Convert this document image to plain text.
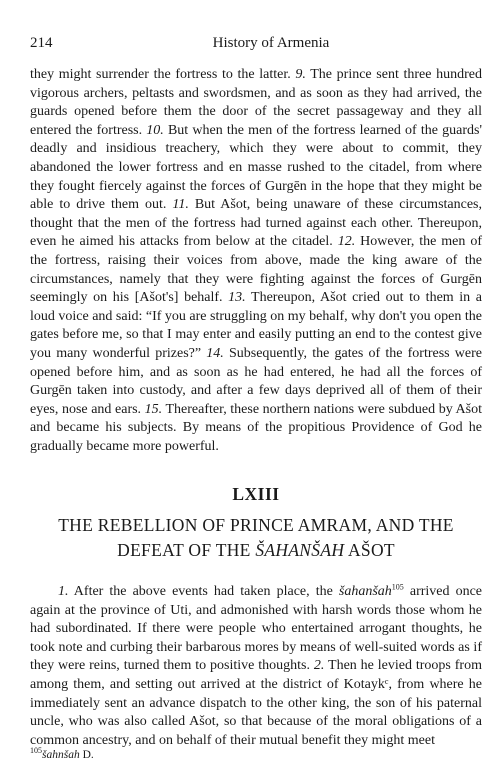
214	History of Armenia
they might surrender the fortress to the latter. 9. The prince sent three hundred vigorous archers, peltasts and swordsmen, and as soon as they had arrived, the guards opened before them the door of the secret passageway and they all entered the fortress. 10. But when the men of the fortress learned of the guards' deadly and insidious treachery, which they were about to commit, they abandoned the lower fortress and en masse rushed to the citadel, from where they fought fiercely against the forces of Gurgēn in the hope that they might be able to drive them out. 11. But Ašot, being unaware of these circumstances, thought that the men of the fortress had turned against each other. Thereupon, even he aimed his attacks from below at the citadel. 12. However, the men of the fortress, raising their voices from above, made the king aware of the circumstances, namely that they were fighting against the forces of Gurgēn seemingly on his [Ašot's] behalf. 13. Thereupon, Ašot cried out to them in a loud voice and said: “If you are struggling on my behalf, why don't you open the gates before me, so that I may enter and easily putting an end to the contest give you many wonderful prizes?” 14. Subsequently, the gates of the fortress were opened before him, and as soon as he had entered, he had all the forces of Gurgēn taken into custody, and after a few days deprived all of them of their eyes, nose and ears. 15. Thereafter, these northern nations were subdued by Ašot and became his subjects. By means of the propitious Providence of God he gradually became more powerful.
LXIII
THE REBELLION OF PRINCE AMRAM, AND THE
DEFEAT OF THE ŠAHANŠAH AŠOT

1. After the above events had taken place, the šahanšah$^{105}$ arrived once again at the province of Uti, and admonished with harsh words those whom he had subordinated. If there were people who entertained arrogant thoughts, he took note and curbing their barbarous mores by means of well-suited words as if they were reins, turned them to positive thoughts. 2. Then he levied troops from among them, and setting out arrived at the district of Kotaykᶜ, from where he immediately sent an advance dispatch to the other king, the son of his paternal uncle, who was also called Ašot, so that because of the moral obligations of a common ancestry, and on behalf of their mutual benefit they might meet

$^{105}$šahnšah D.
